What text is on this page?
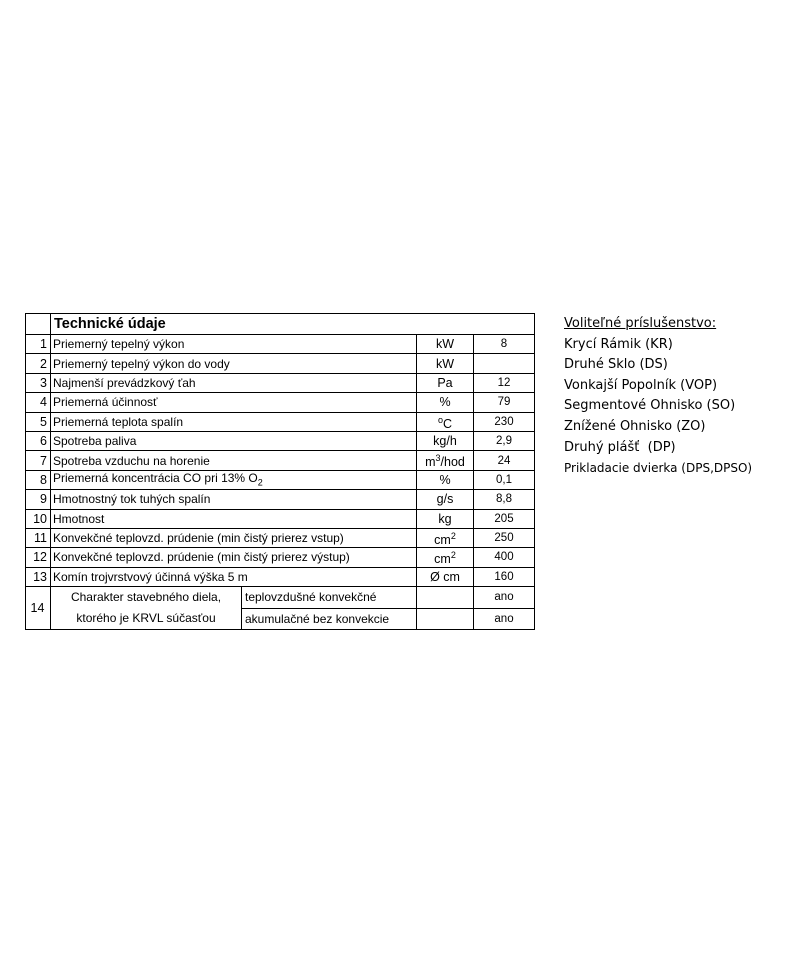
	Technické údaje			
1	Priemerný tepelný výkon		kW	8
2	Priemerný tepelný výkon do vody		kW	
3	Najmenší prevádzkový ťah		Pa	12
4	Priemerná účinnosť		%	79
5	Priemerná teplota spalín		$^o$C	230
6	Spotreba paliva		kg/h	2,9
7	Spotreba vzduchu na horenie		$m^3$/hod	24
8	Priemerná koncentrácia CO pri 13% $O_2$		%	0,1
9	Hmotnostný tok tuhých spalín		g/s	8,8
10	Hmotnost		kg	205
11	Konvekčné teplovzd. prúdenie (min čistý prierez vstup)		$cm^2$	250
12	Konvekčné teplovzd. prúdenie (min čistý prierez výstup)		$cm^2$	400
13	Komín trojvrstvový účinná výška 5 m		Ø cm	160
14	Charakter stavebného diela,
ktorého je KRVL súčasťou	teplovzdušné konvekčné		ano
		akumulačné bez konvekcie		ano
Voliteľné príslušenstvo:
Krycí Rámik (KR)
Druhé Sklo (DS)
Vonkajší Popolník (VOP)
Segmentové Ohnisko (SO)
Znížené Ohnisko (ZO)
Druhý plášť  (DP)
Prikladacie dvierka (DPS,DPSO)
